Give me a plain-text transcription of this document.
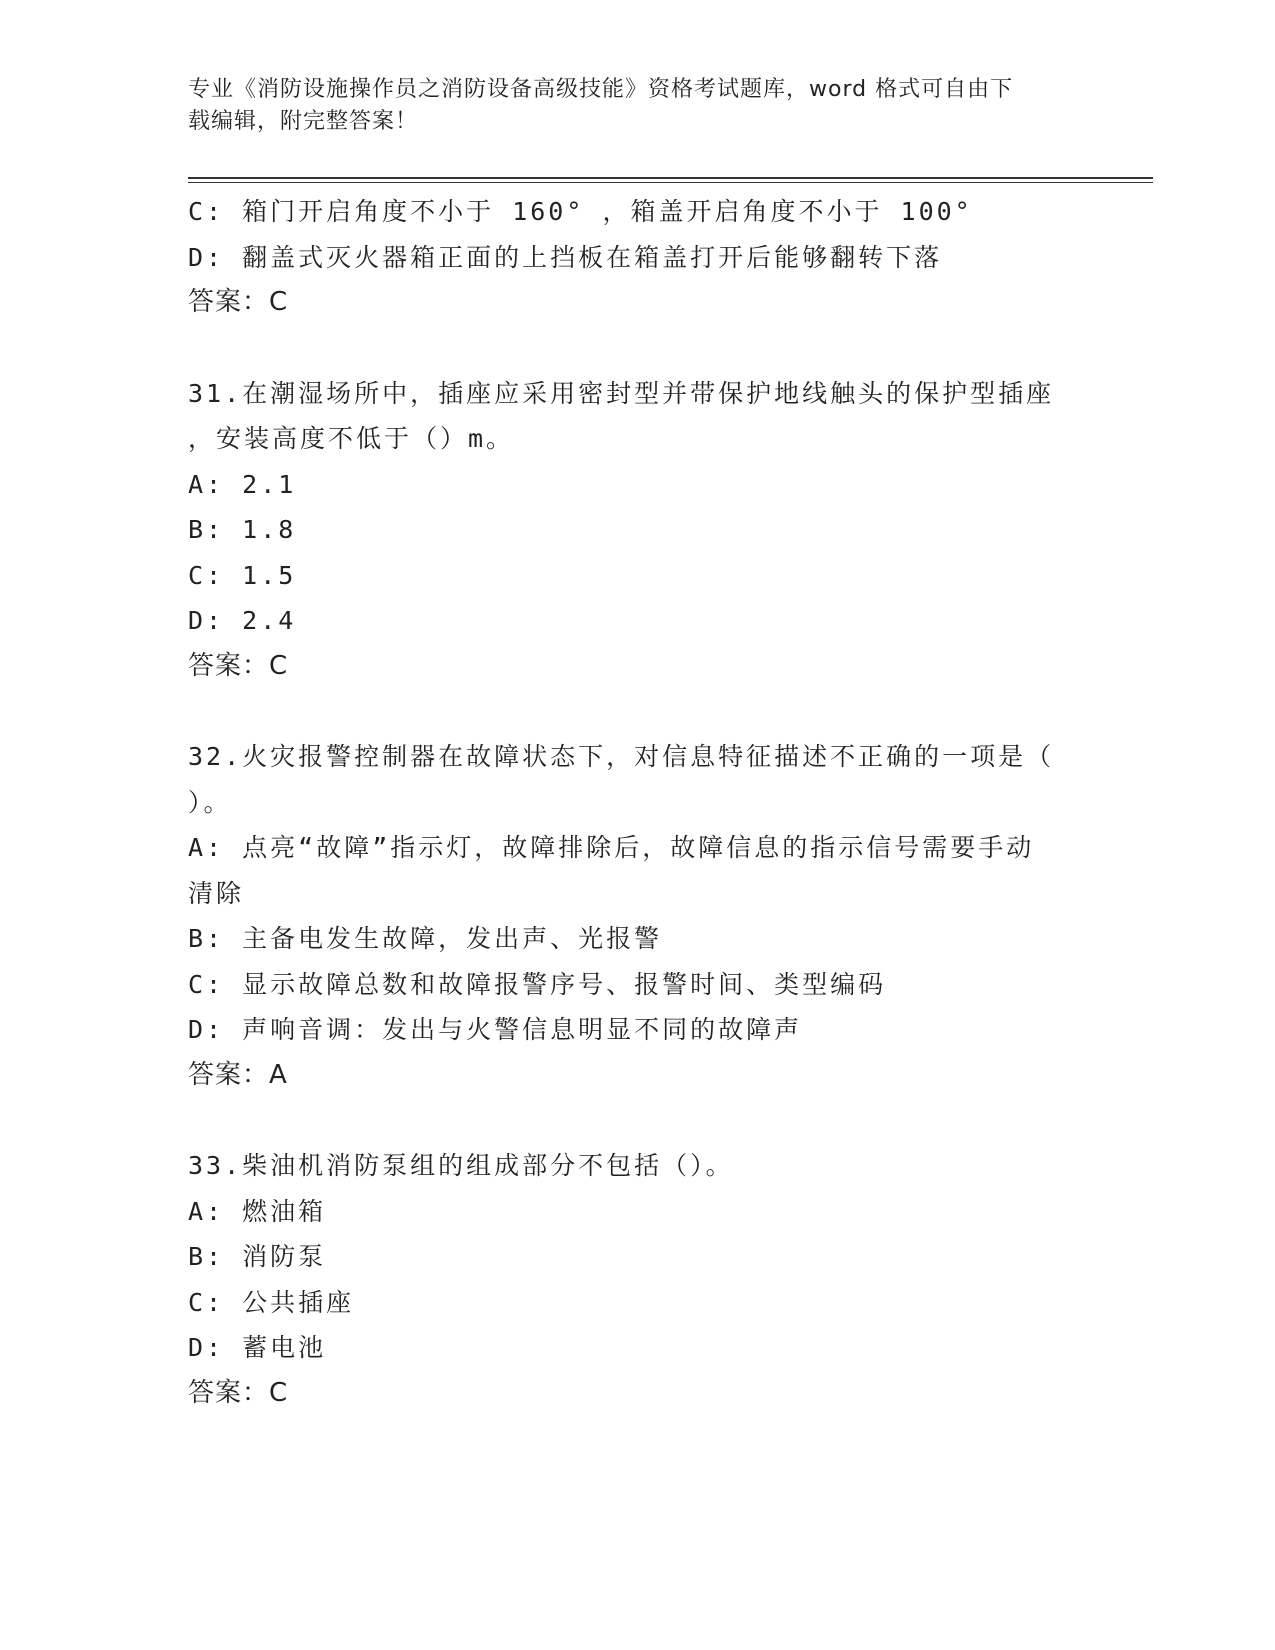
专业《消防设施操作员之消防设备高级技能》资格考试题库，word 格式可自由下
载编辑，附完整答案！
C: 箱门开启角度不小于 160° ，箱盖开启角度不小于 100°
D: 翻盖式灭火器箱正面的上挡板在箱盖打开后能够翻转下落
答案：C
31.在潮湿场所中，插座应采用密封型并带保护地线触头的保护型插座
，安装高度不低于（）m。
A: 2.1
B: 1.8
C: 1.5
D: 2.4
答案：C
32.火灾报警控制器在故障状态下，对信息特征描述不正确的一项是（
）。
A: 点亮“故障”指示灯，故障排除后，故障信息的指示信号需要手动
清除
B: 主备电发生故障，发出声、光报警
C: 显示故障总数和故障报警序号、报警时间、类型编码
D: 声响音调：发出与火警信息明显不同的故障声
答案：A
33.柴油机消防泵组的组成部分不包括（）。
A: 燃油箱
B: 消防泵
C: 公共插座
D: 蓄电池
答案：C
